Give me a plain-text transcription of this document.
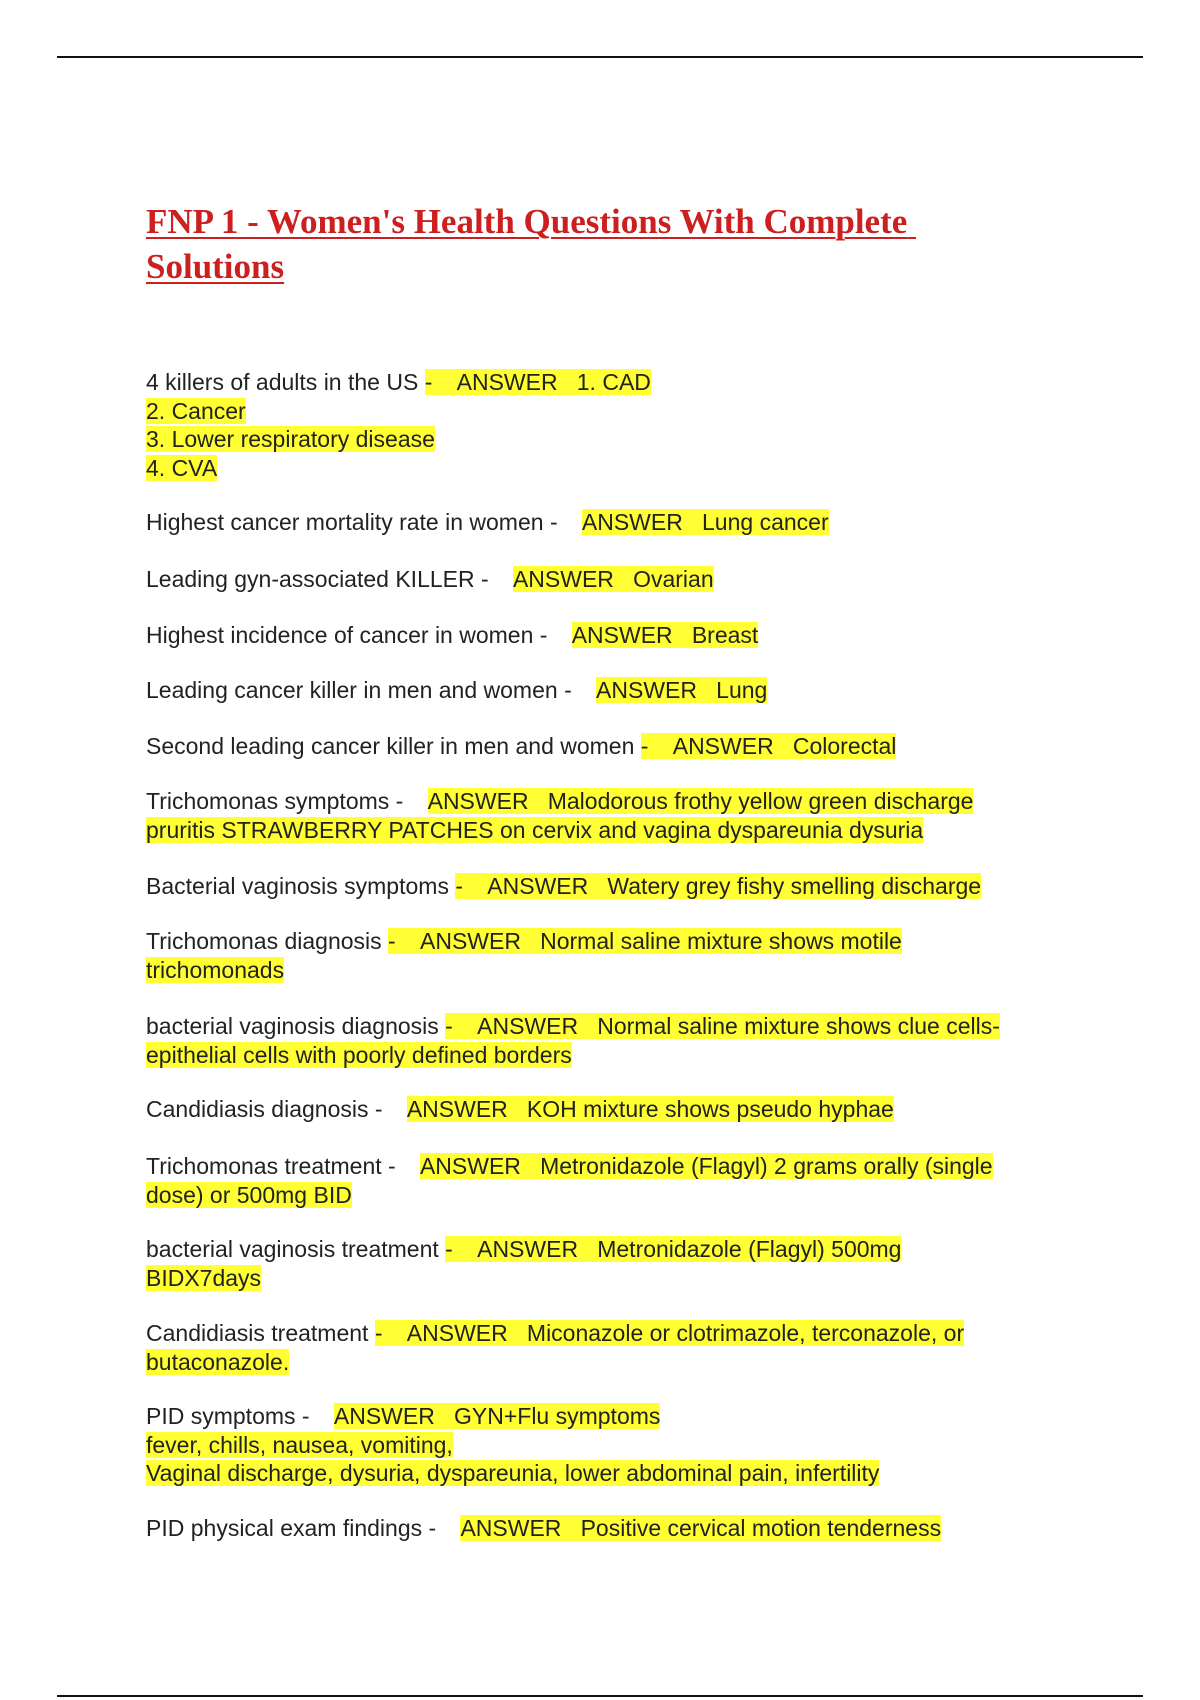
FNP 1 - Women's Health Questions With Complete Solutions
4 killers of adults in the US -    ANSWER   1. CAD
2. Cancer
3. Lower respiratory disease
4. CVA
Highest cancer mortality rate in women -    ANSWER   Lung cancer
Leading gyn-associated KILLER -    ANSWER   Ovarian
Highest incidence of cancer in women -    ANSWER   Breast
Leading cancer killer in men and women -    ANSWER   Lung
Second leading cancer killer in men and women -    ANSWER   Colorectal
Trichomonas symptoms -    ANSWER   Malodorous frothy yellow green discharge
pruritis STRAWBERRY PATCHES on cervix and vagina dyspareunia dysuria
Bacterial vaginosis symptoms -    ANSWER   Watery grey fishy smelling discharge
Trichomonas diagnosis -    ANSWER   Normal saline mixture shows motile
trichomonads
bacterial vaginosis diagnosis -    ANSWER   Normal saline mixture shows clue cells-
epithelial cells with poorly defined borders
Candidiasis diagnosis -    ANSWER   KOH mixture shows pseudo hyphae
Trichomonas treatment -    ANSWER   Metronidazole (Flagyl) 2 grams orally (single
dose) or 500mg BID
bacterial vaginosis treatment -    ANSWER   Metronidazole (Flagyl) 500mg
BIDX7days
Candidiasis treatment -    ANSWER   Miconazole or clotrimazole, terconazole, or
butaconazole.
PID symptoms -    ANSWER   GYN+Flu symptoms
fever, chills, nausea, vomiting,
Vaginal discharge, dysuria, dyspareunia, lower abdominal pain, infertility
PID physical exam findings -    ANSWER   Positive cervical motion tenderness
